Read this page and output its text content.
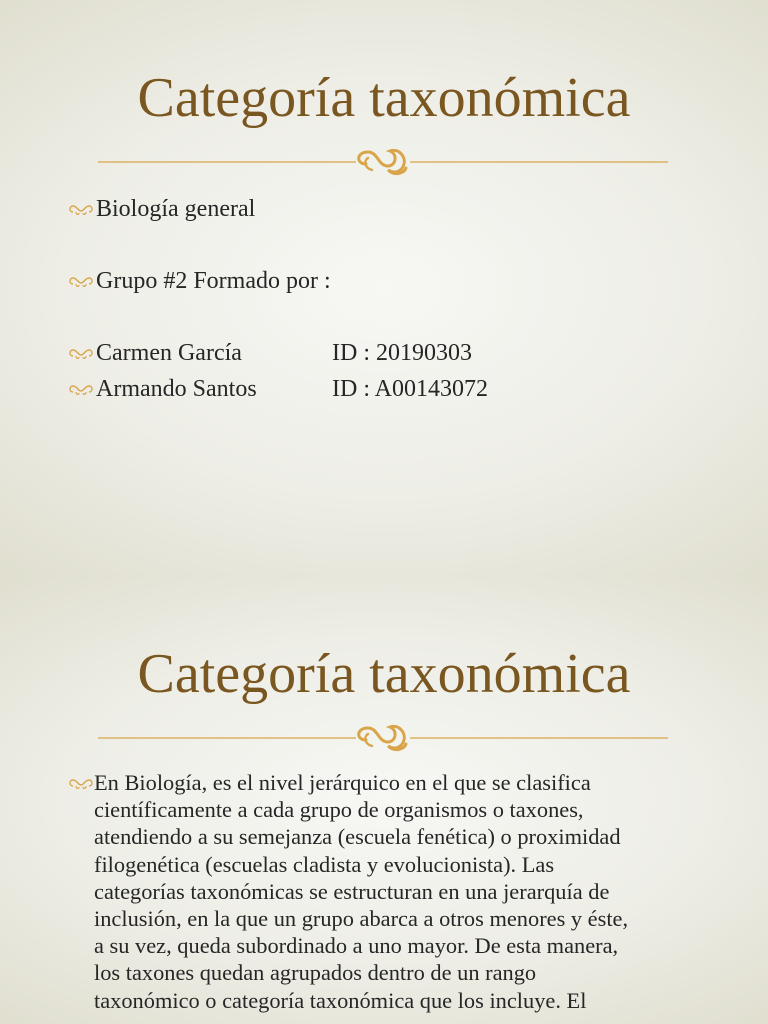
Categoría taxonómica
Biología general
Grupo #2 Formado por :
Carmen García	ID : 20190303
Armando Santos	ID : A00143072
Categoría taxonómica
En Biología, es el nivel jerárquico en el que se clasifica
científicamente a cada grupo de organismos o taxones,
atendiendo a su semejanza (escuela fenética) o proximidad
filogenética (escuelas cladista y evolucionista). Las
categorías taxonómicas se estructuran en una jerarquía de
inclusión, en la que un grupo abarca a otros menores y éste,
a su vez, queda subordinado a uno mayor. De esta manera,
los taxones quedan agrupados dentro de un rango
taxonómico o categoría taxonómica que los incluye. El
